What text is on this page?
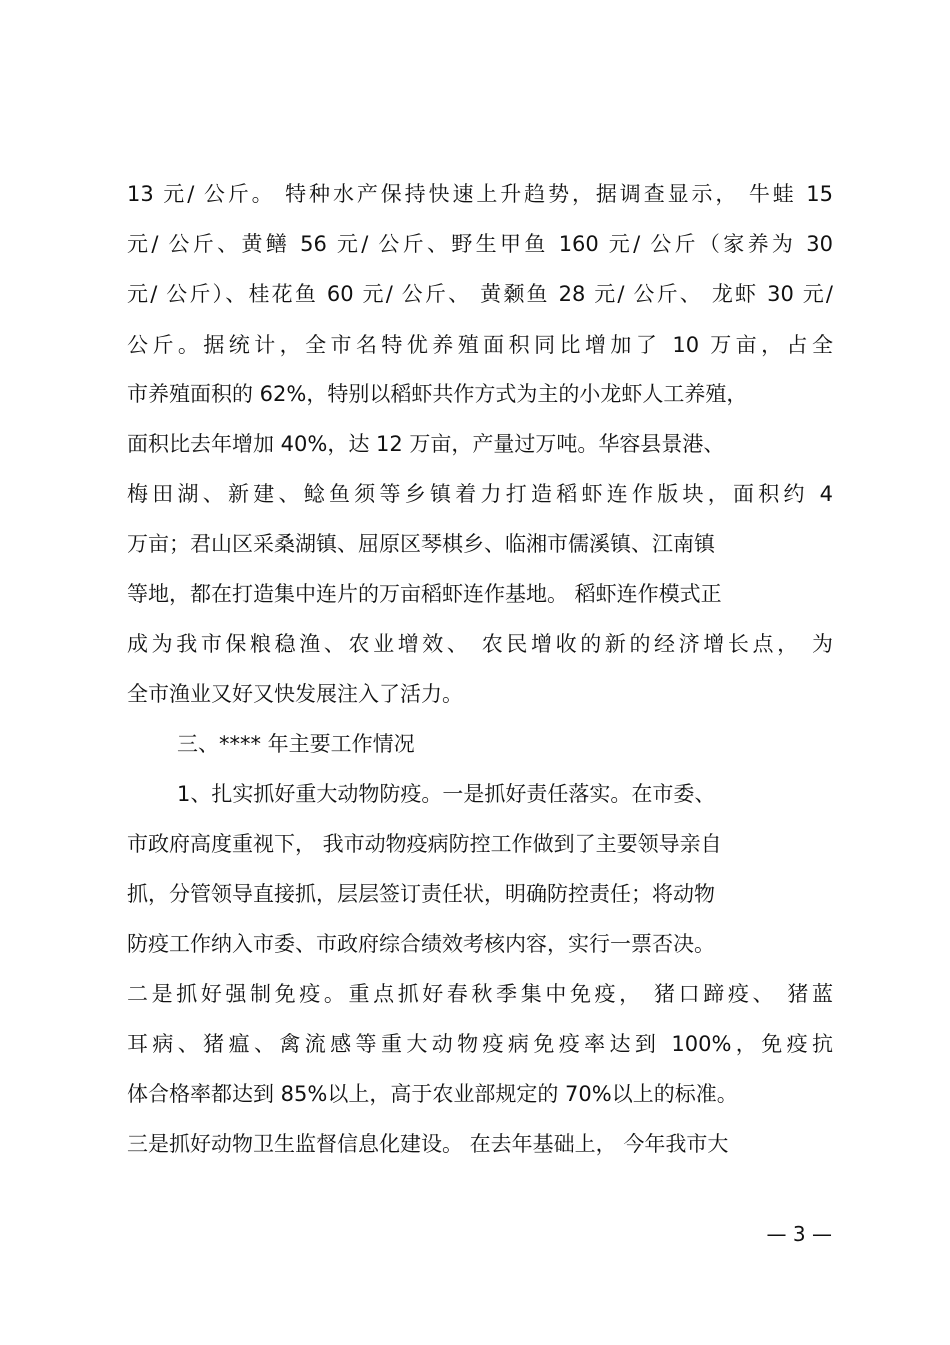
13 元/ 公斤。 特种水产保持快速上升趋势，据调查显示， 牛蛙 15
元/ 公斤、黄鳝 56 元/ 公斤、野生甲鱼 160 元/ 公斤（家养为 30
元/ 公斤）、桂花鱼 60 元/ 公斤、 黄颡鱼 28 元/ 公斤、 龙虾 30 元/
公斤。据统计，全市名特优养殖面积同比增加了 10 万亩，占全
市养殖面积的 62%，特别以稻虾共作方式为主的小龙虾人工养殖，
面积比去年增加 40%，达 12 万亩，产量过万吨。华容县景港、
梅田湖、新建、鲶鱼须等乡镇着力打造稻虾连作版块，面积约 4
万亩；君山区采桑湖镇、屈原区琴棋乡、临湘市儒溪镇、江南镇
等地，都在打造集中连片的万亩稻虾连作基地。 稻虾连作模式正
成为我市保粮稳渔、农业增效、 农民增收的新的经济增长点， 为
全市渔业又好又快发展注入了活力。
三、**** 年主要工作情况
1、扎实抓好重大动物防疫。一是抓好责任落实。在市委、
市政府高度重视下， 我市动物疫病防控工作做到了主要领导亲自
抓，分管领导直接抓，层层签订责任状，明确防控责任；将动物
防疫工作纳入市委、市政府综合绩效考核内容，实行一票否决。
二是抓好强制免疫。重点抓好春秋季集中免疫， 猪口蹄疫、 猪蓝
耳病、猪瘟、禽流感等重大动物疫病免疫率达到 100%，免疫抗
体合格率都达到 85%以上，高于农业部规定的 70%以上的标准。
三是抓好动物卫生监督信息化建设。 在去年基础上， 今年我市大
— 3 —
